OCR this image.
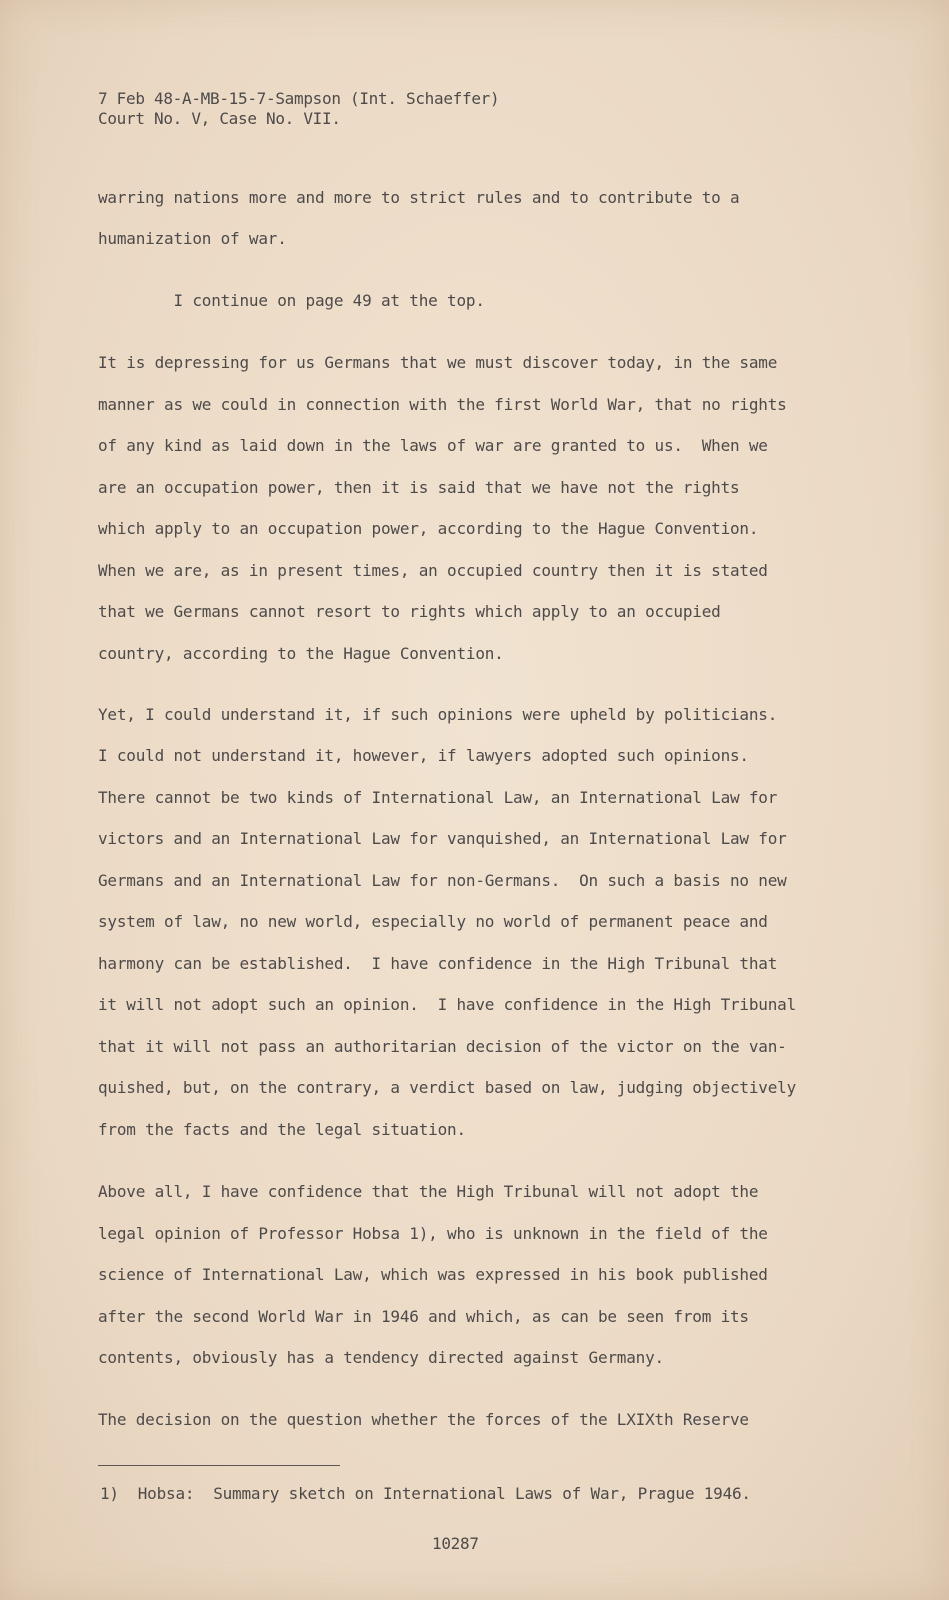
7 Feb 48-A-MB-15-7-Sampson (Int. Schaeffer)
Court No. V, Case No. VII.
warring nations more and more to strict rules and to contribute to a
humanization of war.
I continue on page 49 at the top.
It is depressing for us Germans that we must discover today, in the same
manner as we could in connection with the first World War, that no rights
of any kind as laid down in the laws of war are granted to us.  When we
are an occupation power, then it is said that we have not the rights
which apply to an occupation power, according to the Hague Convention.
When we are, as in present times, an occupied country then it is stated
that we Germans cannot resort to rights which apply to an occupied
country, according to the Hague Convention.
Yet, I could understand it, if such opinions were upheld by politicians.
I could not understand it, however, if lawyers adopted such opinions.
There cannot be two kinds of International Law, an International Law for
victors and an International Law for vanquished, an International Law for
Germans and an International Law for non-Germans.  On such a basis no new
system of law, no new world, especially no world of permanent peace and
harmony can be established.  I have confidence in the High Tribunal that
it will not adopt such an opinion.  I have confidence in the High Tribunal
that it will not pass an authoritarian decision of the victor on the van-
quished, but, on the contrary, a verdict based on law, judging objectively
from the facts and the legal situation.
Above all, I have confidence that the High Tribunal will not adopt the
legal opinion of Professor Hobsa 1), who is unknown in the field of the
science of International Law, which was expressed in his book published
after the second World War in 1946 and which, as can be seen from its
contents, obviously has a tendency directed against Germany.
The decision on the question whether the forces of the LXIXth Reserve
1)  Hobsa:  Summary sketch on International Laws of War, Prague 1946.
10287
